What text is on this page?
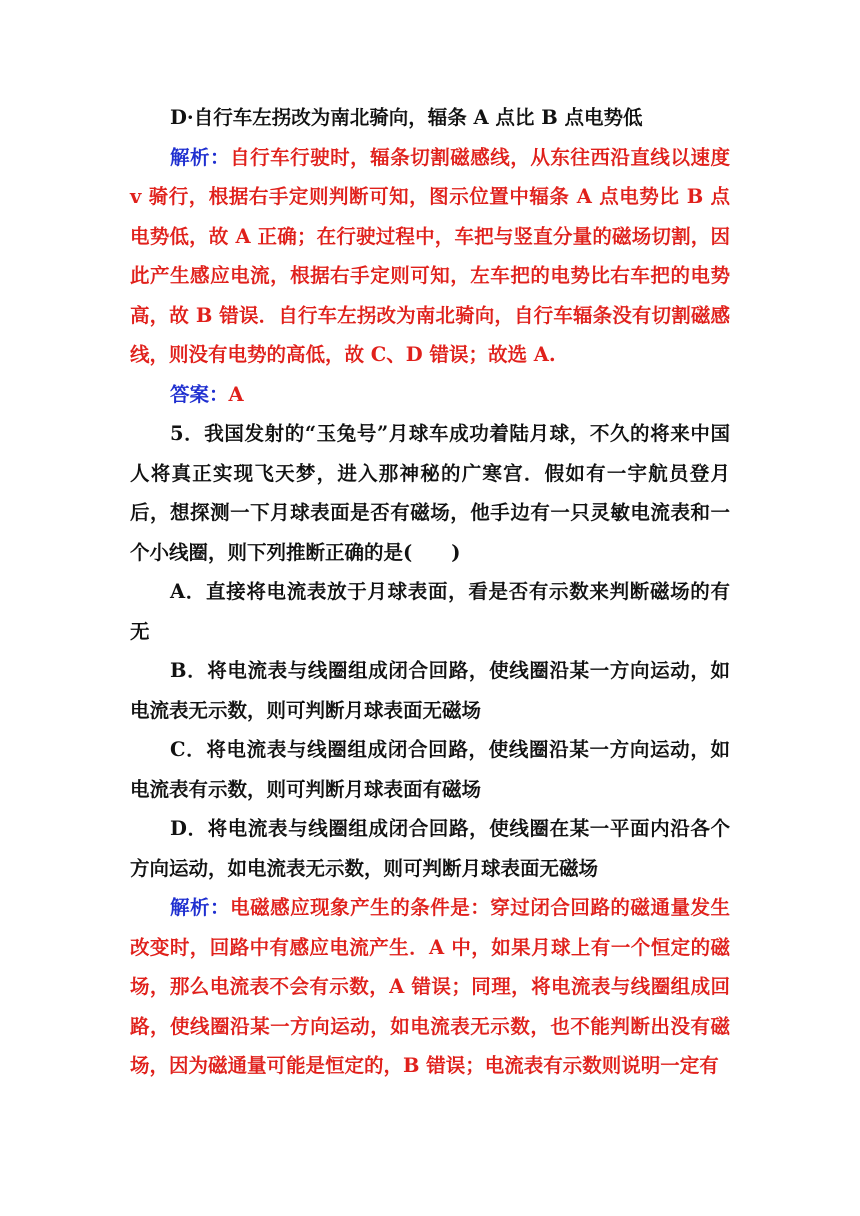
D·自行车左拐改为南北骑向，辐条 A 点比 B 点电势低

解析：自行车行驶时，辐条切割磁感线，从东往西沿直线以速度 v 骑行，根据右手定则判断可知，图示位置中辐条 A 点电势比 B 点电势低，故 A 正确；在行驶过程中，车把与竖直分量的磁场切割，因此产生感应电流，根据右手定则可知，左车把的电势比右车把的电势高，故 B 错误．自行车左拐改为南北骑向，自行车辐条没有切割磁感线，则没有电势的高低，故 C、D 错误；故选 A.

答案：A

5．我国发射的“玉兔号”月球车成功着陆月球，不久的将来中国人将真正实现飞天梦，进入那神秘的广寒宫．假如有一宇航员登月后，想探测一下月球表面是否有磁场，他手边有一只灵敏电流表和一个小线圈，则下列推断正确的是(　　)

A．直接将电流表放于月球表面，看是否有示数来判断磁场的有无

B．将电流表与线圈组成闭合回路，使线圈沿某一方向运动，如电流表无示数，则可判断月球表面无磁场

C．将电流表与线圈组成闭合回路，使线圈沿某一方向运动，如电流表有示数，则可判断月球表面有磁场

D．将电流表与线圈组成闭合回路，使线圈在某一平面内沿各个方向运动，如电流表无示数，则可判断月球表面无磁场

解析：电磁感应现象产生的条件是：穿过闭合回路的磁通量发生改变时，回路中有感应电流产生．A 中，如果月球上有一个恒定的磁场，那么电流表不会有示数，A 错误；同理，将电流表与线圈组成回路，使线圈沿某一方向运动，如电流表无示数，也不能判断出没有磁场，因为磁通量可能是恒定的，B 错误；电流表有示数则说明一定有
